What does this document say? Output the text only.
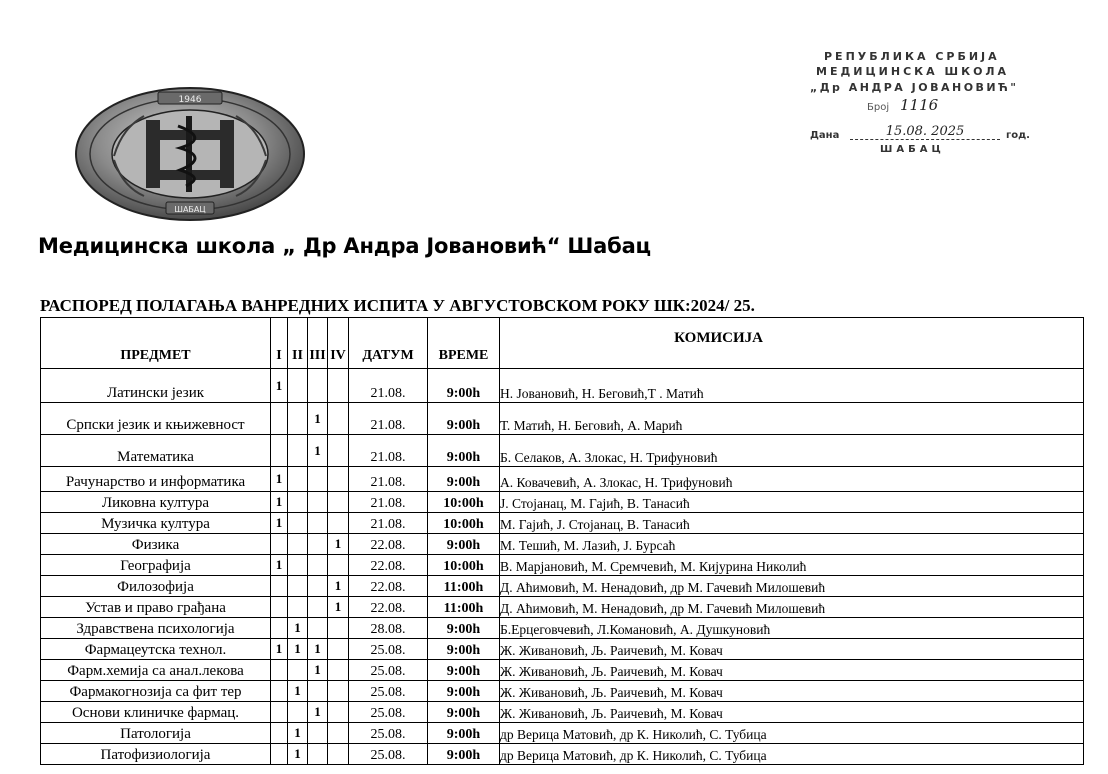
1946
ШАБАЦ
РЕПУБЛИКА СРБИЈА
МЕДИЦИНСКА ШКОЛА
„Др АНДРА ЈОВАНОВИЋ"
Број 1116
Дана	15.08. 2025	год.
ШАБАЦ
Медицинска школа „ Др Андра Јовановић“ Шабац
РАСПОРЕД ПОЛАГАЊА ВАНРЕДНИХ ИСПИТА У АВГУСТОВСКОМ РОКУ ШК:2024/ 25.
ПРЕДМЕТ	I	II	III	IV	ДАТУМ	ВРЕМЕ	КОМИСИЈА
Латински језик	1				21.08.	9:00h	Н. Јовановић, Н. Беговић,Т . Матић
Српски језик и књижевност			1		21.08.	9:00h	Т. Матић, Н. Беговић, А. Марић
Математика			1		21.08.	9:00h	Б. Селаков, А. Злокас, Н. Трифуновић
Рачунарство и информатика	1				21.08.	9:00h	А. Ковачевић, А. Злокас, Н. Трифуновић
Ликовна култура	1				21.08.	10:00h	Ј. Стојанац, М. Гајић, В. Танасић
Музичка култура	1				21.08.	10:00h	М. Гајић, Ј. Стојанац, В. Танасић
Физика				1	22.08.	9:00h	М. Тешић, М. Лазић, Ј. Бурсаћ
Географија	1				22.08.	10:00h	В. Марјановић, М. Сремчевић, М. Кијурина Николић
Филозофија				1	22.08.	11:00h	Д. Аћимовић, М. Ненадовић, др М. Гачевић Милошевић
Устав и право грађана				1	22.08.	11:00h	Д. Аћимовић, М. Ненадовић, др М. Гачевић Милошевић
Здравствена психологија		1			28.08.	9:00h	Б.Ерцеговчевић, Л.Комановић, А. Душкуновић
Фармацеутска технол.	1	1	1		25.08.	9:00h	Ж. Живановић, Љ. Раичевић, М. Ковач
Фарм.хемија са анал.лекова			1		25.08.	9:00h	Ж. Живановић, Љ. Раичевић, М. Ковач
Фармакогнозија са фит тер		1			25.08.	9:00h	Ж. Живановић, Љ. Раичевић, М. Ковач
Основи клиничке фармац.			1		25.08.	9:00h	Ж. Живановић, Љ. Раичевић, М. Ковач
Патологија		1			25.08.	9:00h	др Верица Матовић, др К. Николић, С. Тубица
Патофизиологија		1			25.08.	9:00h	др Верица Матовић, др К. Николић, С. Тубица
